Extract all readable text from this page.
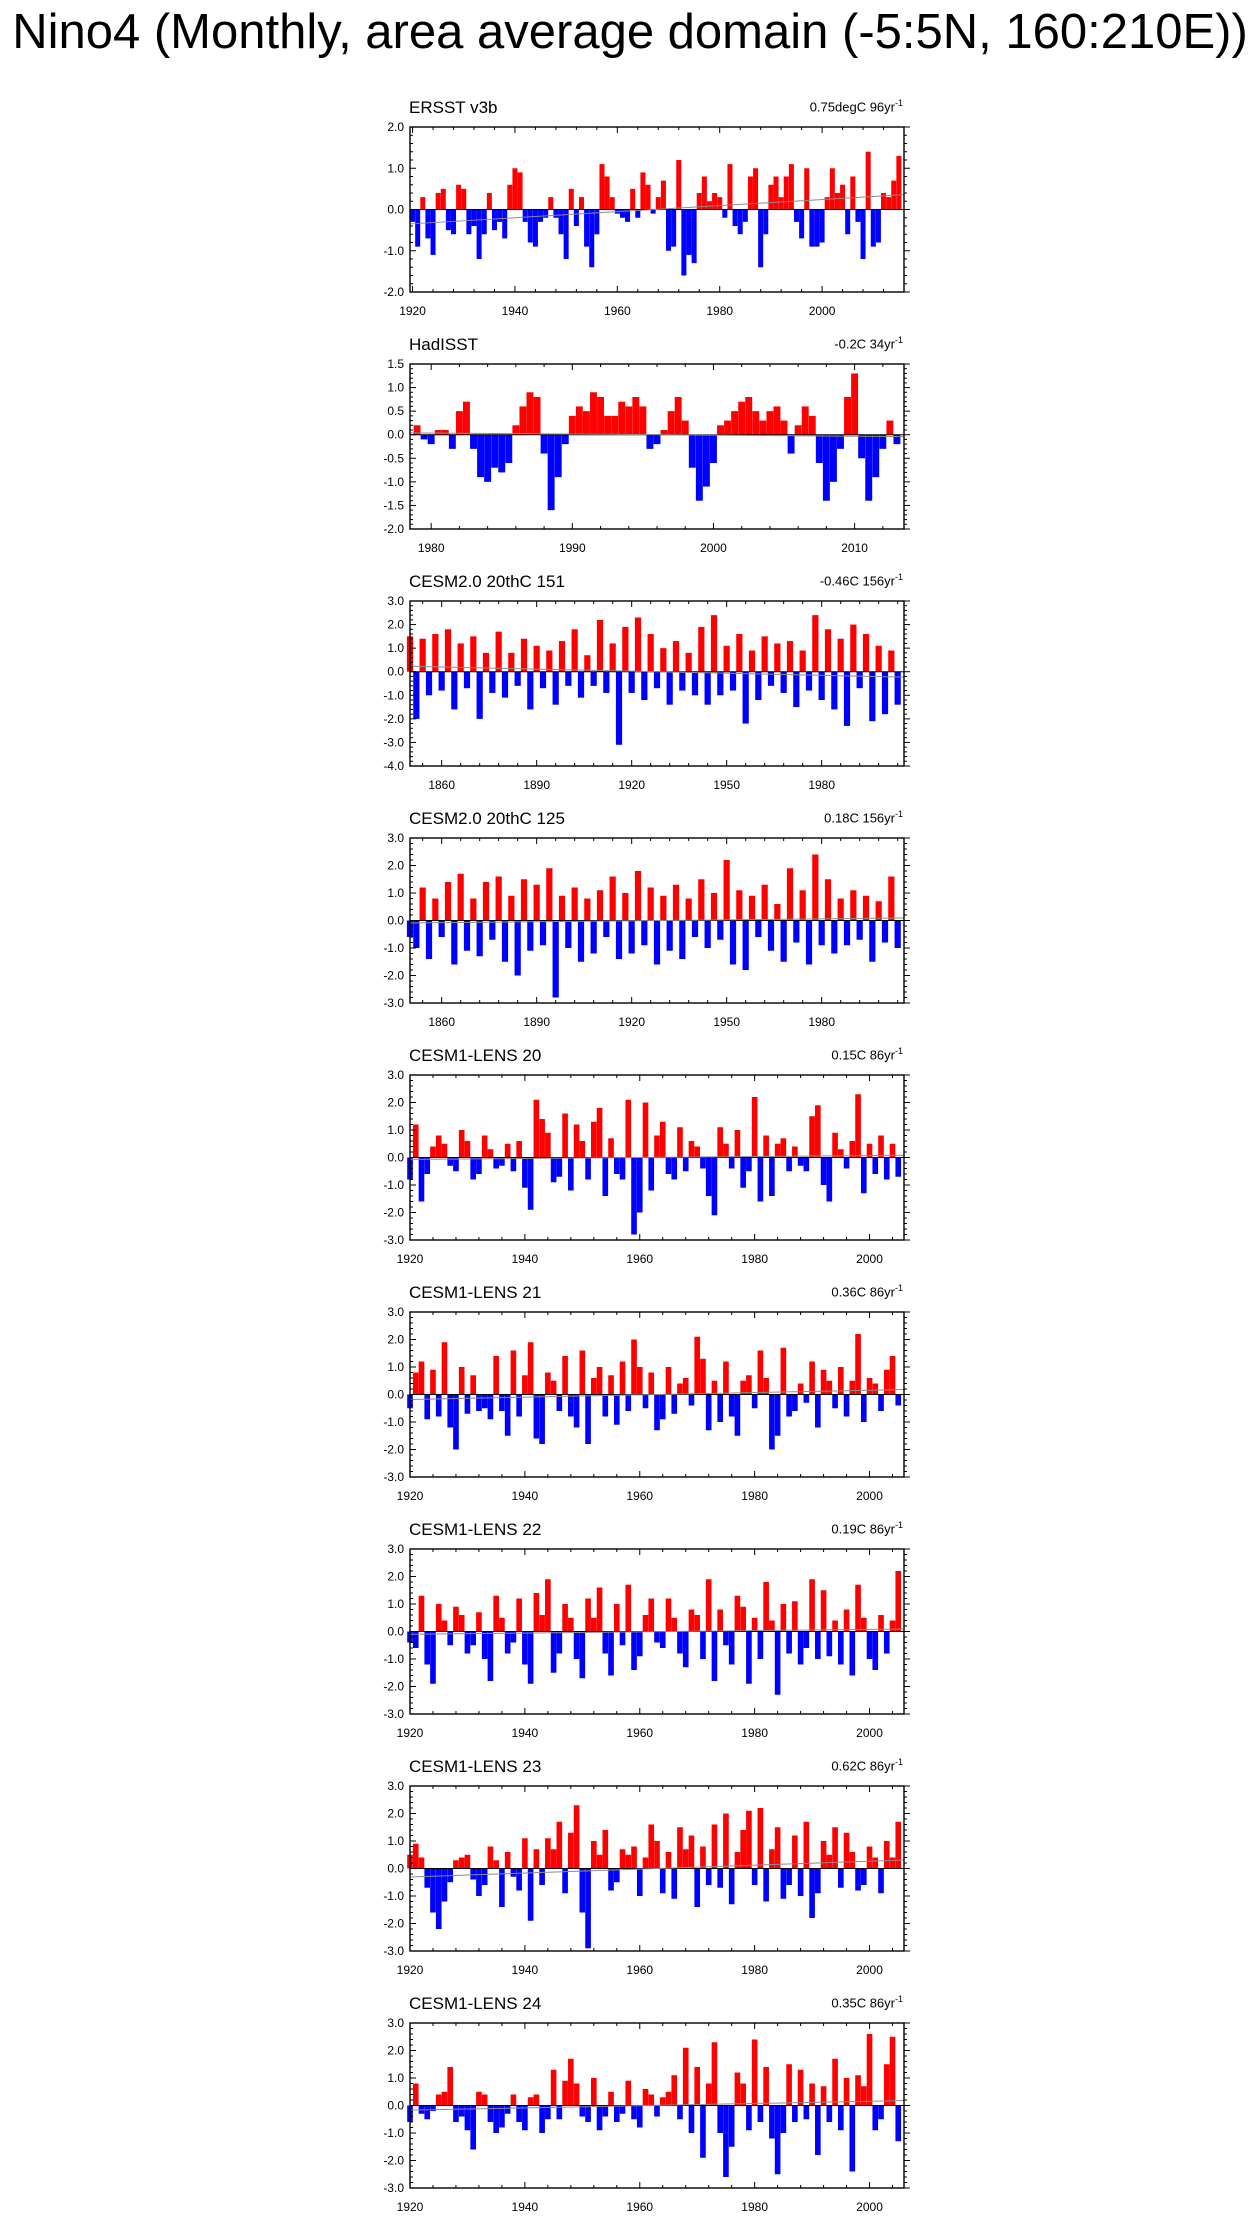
Nino4 (Monthly, area average domain (-5:5N, 160:210E))
ERSST v3b	0.75degC $96yr^{-1}$
2.0
1.0
0.0
-1.0
-2.0
1920	1940	1960	1980	2000
HadISST	-0.2C $34yr^{-1}$
1.5
1.0
0.5
0.0
-0.5
-1.0
-1.5
-2.0
1980	1990	2000	2010
CESM2.0 20thC 151	-0.46C $156yr^{-1}$
3.0
2.0
1.0
0.0
-1.0
-2.0
-3.0
-4.0
1860	1890	1920	1950	1980
CESM2.0 20thC 125	0.18C $156yr^{-1}$
3.0
2.0
1.0
0.0
-1.0
-2.0
-3.0
1860	1890	1920	1950	1980
CESM1-LENS 20	0.15C $86yr^{-1}$
3.0
2.0
1.0
0.0
-1.0
-2.0
-3.0
1920	1940	1960	1980	2000
CESM1-LENS 21	0.36C $86yr^{-1}$
3.0
2.0
1.0
0.0
-1.0
-2.0
-3.0
1920	1940	1960	1980	2000
CESM1-LENS 22	0.19C $86yr^{-1}$
3.0
2.0
1.0
0.0
-1.0
-2.0
-3.0
1920	1940	1960	1980	2000
CESM1-LENS 23	0.62C $86yr^{-1}$
3.0
2.0
1.0
0.0
-1.0
-2.0
-3.0
1920	1940	1960	1980	2000
CESM1-LENS 24	0.35C $86yr^{-1}$
3.0
2.0
1.0
0.0
-1.0
-2.0
-3.0
1920	1940	1960	1980	2000
